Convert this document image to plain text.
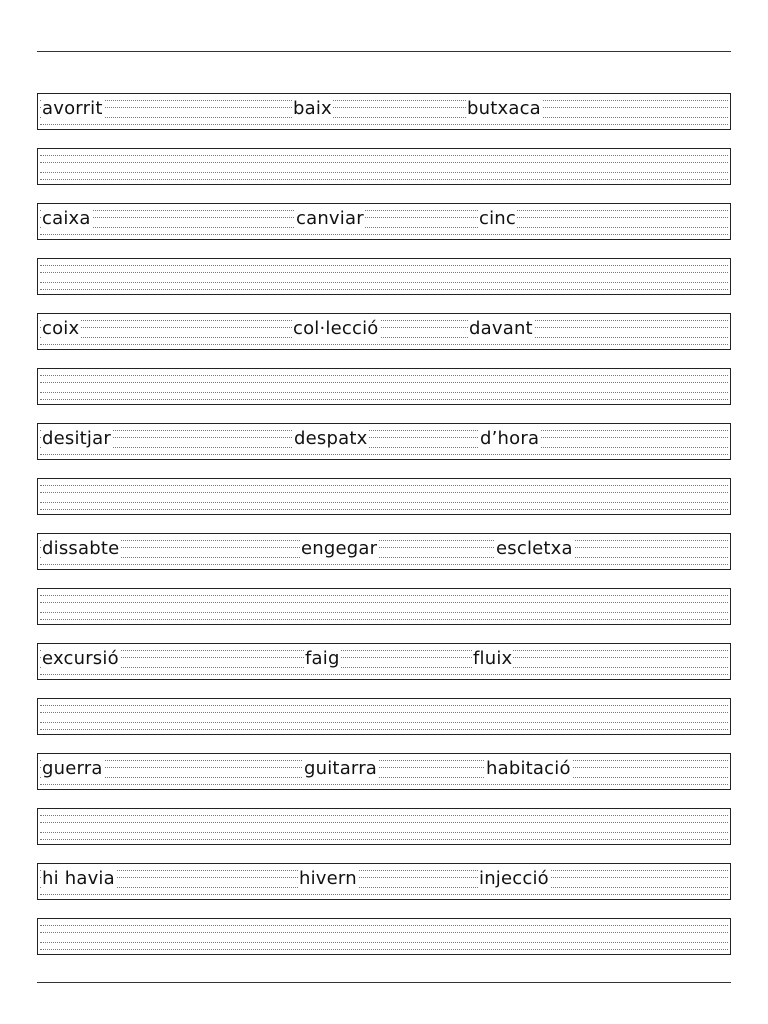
avorrit	baix	butxaca
caixa	canviar	cinc
coix	col·lecció	davant
desitjar	despatx	d’hora
dissabte	engegar	escletxa
excursió	faig	fluix
guerra	guitarra	habitació
hi havia	hivern	injecció
